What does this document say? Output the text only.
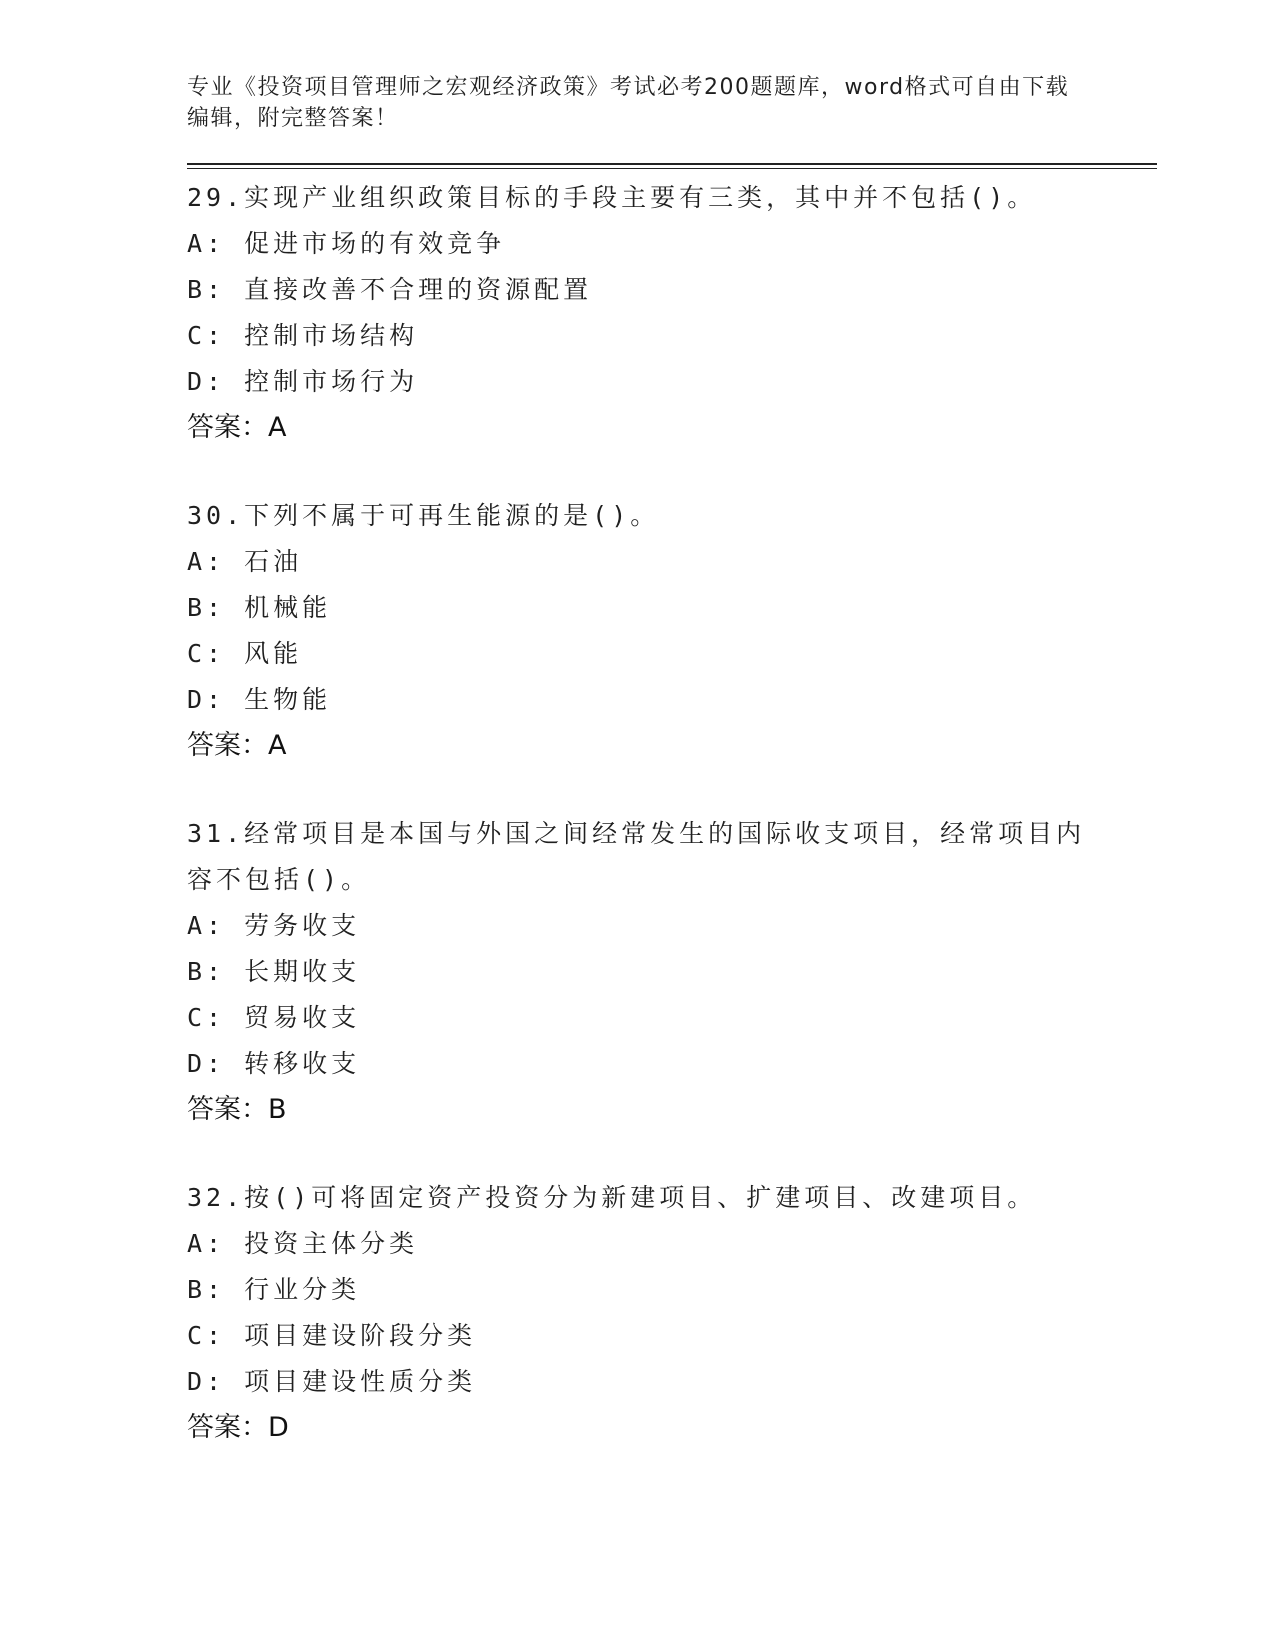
专业《投资项目管理师之宏观经济政策》考试必考200题题库，word格式可自由下载编辑，附完整答案！

29.实现产业组织政策目标的手段主要有三类，其中并不包括()。

A: 促进市场的有效竞争

B: 直接改善不合理的资源配置

C: 控制市场结构

D: 控制市场行为

答案：A

30.下列不属于可再生能源的是()。

A: 石油

B: 机械能

C: 风能

D: 生物能

答案：A

31.经常项目是本国与外国之间经常发生的国际收支项目，经常项目内容不包括()。

A: 劳务收支

B: 长期收支

C: 贸易收支

D: 转移收支

答案：B

32.按()可将固定资产投资分为新建项目、扩建项目、改建项目。

A: 投资主体分类

B: 行业分类

C: 项目建设阶段分类

D: 项目建设性质分类

答案：D
